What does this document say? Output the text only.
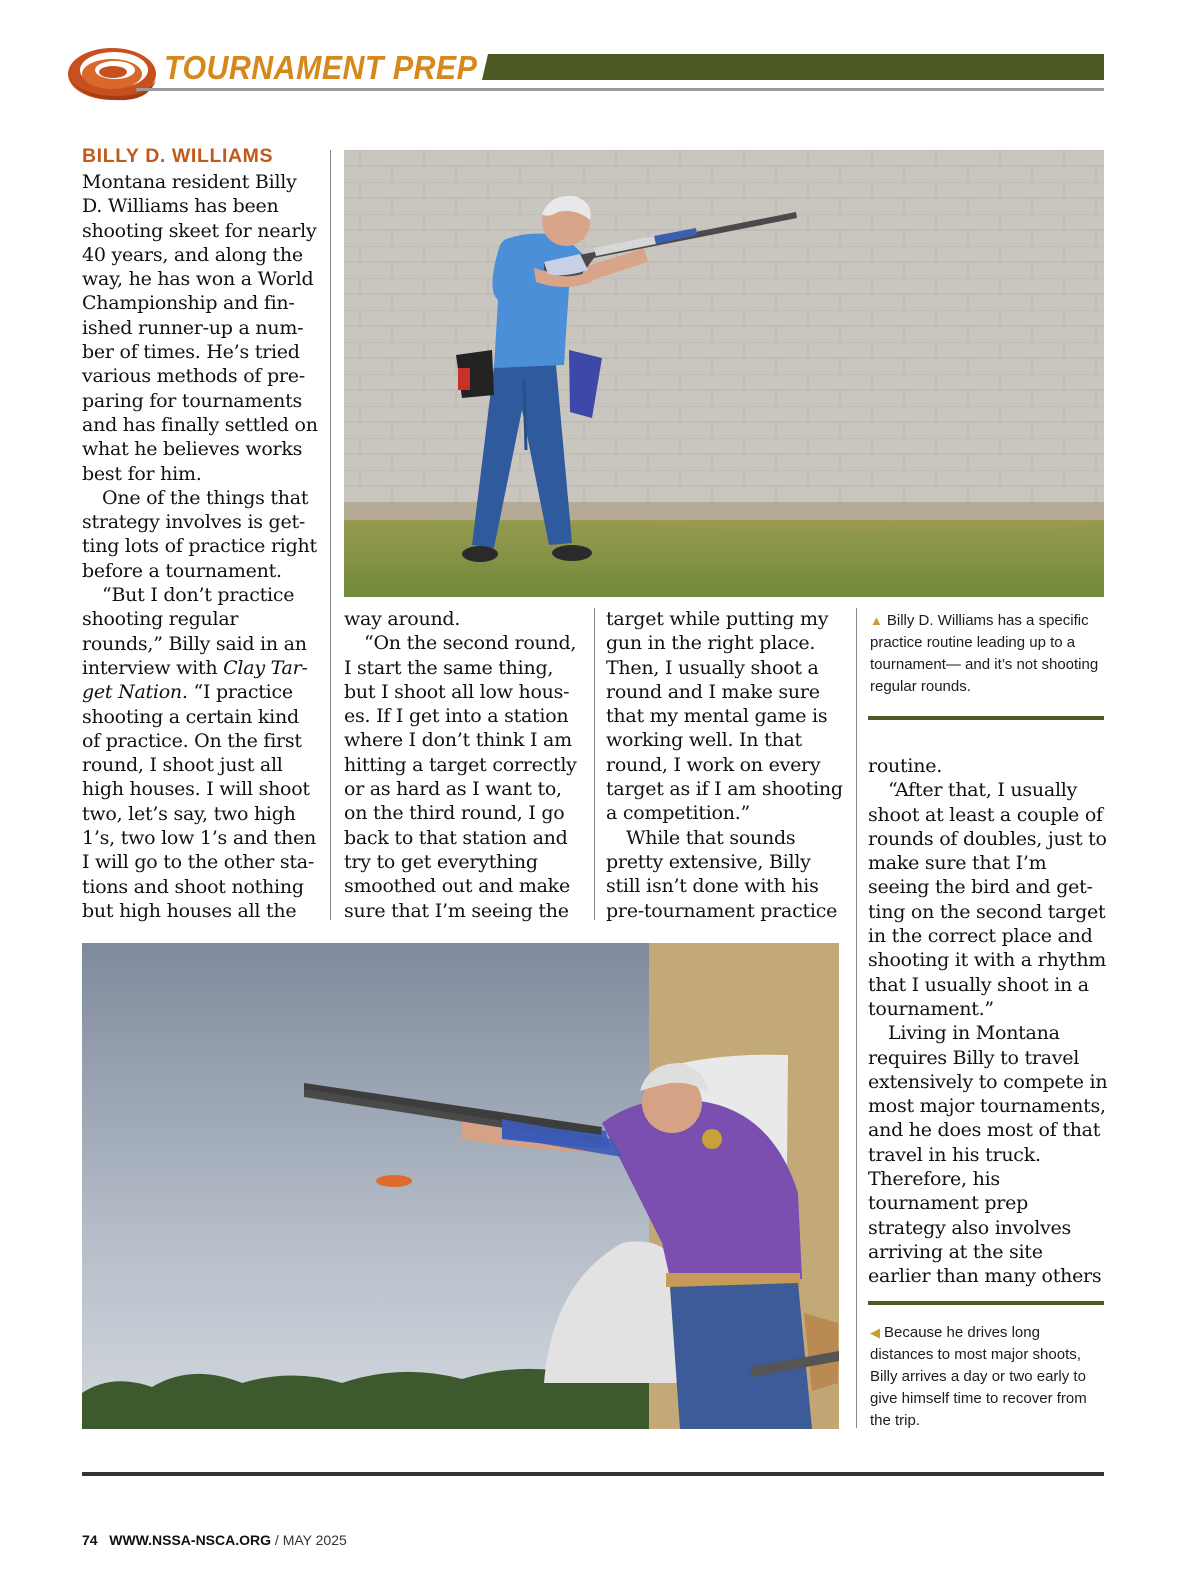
TOURNAMENT PREP
BILLY D. WILLIAMS

Montana resident Billy D. Williams has been shooting skeet for nearly 40 years, and along the way, he has won a World Championship and finished runner-up a number of times. He’s tried various methods of preparing for tournaments and has finally settled on what he believes works best for him.

One of the things that strategy involves is getting lots of practice right before a tournament.

“But I don’t practice shooting regular rounds,” Billy said in an interview with Clay Target Nation. “I practice shooting a certain kind of practice. On the first round, I shoot just all high houses. I will shoot two, let’s say, two high 1’s, two low 1’s and then I will go to the other stations and shoot nothing but high houses all the

way around.

“On the second round, I start the same thing, but I shoot all low houses. If I get into a station where I don’t think I am hitting a target correctly or as hard as I want to, on the third round, I go back to that station and try to get everything smoothed out and make sure that I’m seeing the

target while putting my gun in the right place. Then, I usually shoot a round and I make sure that my mental game is working well. In that round, I work on every target as if I am shooting a competition.”

While that sounds pretty extensive, Billy still isn’t done with his pre-tournament practice

▲ Billy D. Williams has a specific practice routine leading up to a tournament— and it’s not shooting regular rounds.

routine.

“After that, I usually shoot at least a couple of rounds of doubles, just to make sure that I’m seeing the bird and getting on the second target in the correct place and shooting it with a rhythm that I usually shoot in a tournament.”

Living in Montana requires Billy to travel extensively to compete in most major tournaments, and he does most of that travel in his truck. Therefore, his tournament prep strategy also involves arriving at the site earlier than many others

◀ Because he drives long distances to most major shoots, Billy arrives a day or two early to give himself time to recover from the trip.
74 WWW.NSSA-NSCA.ORG / MAY 2025
